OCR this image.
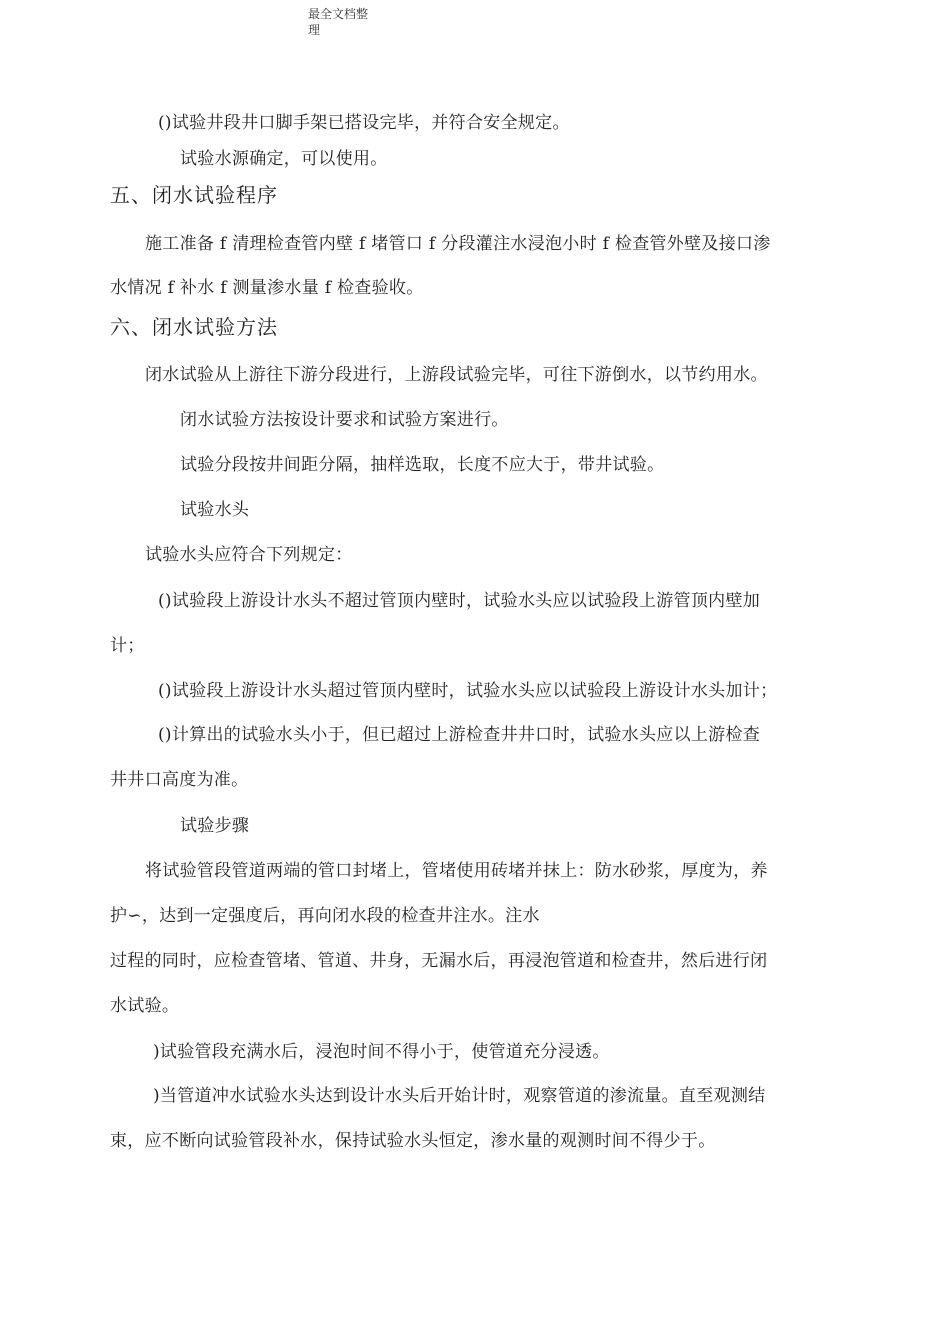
最全文档整理
()试验井段井口脚手架已搭设完毕，并符合安全规定。
试验水源确定，可以使用。
五、闭水试验程序
施工准备 f 清理检查管内壁 f 堵管口 f 分段灌注水浸泡小时 f 检查管外壁及接口渗
水情况 f 补水 f 测量渗水量 f 检查验收。
六、闭水试验方法
闭水试验从上游往下游分段进行，上游段试验完毕，可往下游倒水，以节约用水。
闭水试验方法按设计要求和试验方案进行。
试验分段按井间距分隔，抽样选取，长度不应大于，带井试验。
试验水头
试验水头应符合下列规定：
()试验段上游设计水头不超过管顶内壁时，试验水头应以试验段上游管顶内壁加
计；
()试验段上游设计水头超过管顶内壁时，试验水头应以试验段上游设计水头加计；
()计算出的试验水头小于，但已超过上游检查井井口时，试验水头应以上游检查
井井口高度为准。
试验步骤
将试验管段管道两端的管口封堵上，管堵使用砖堵并抹上：防水砂浆，厚度为，养
护∽，达到一定强度后，再向闭水段的检查井注水。注水
过程的同时，应检查管堵、管道、井身，无漏水后，再浸泡管道和检查井，然后进行闭
水试验。
)试验管段充满水后，浸泡时间不得小于，使管道充分浸透。
)当管道冲水试验水头达到设计水头后开始计时，观察管道的渗流量。直至观测结
束，应不断向试验管段补水，保持试验水头恒定，渗水量的观测时间不得少于。
